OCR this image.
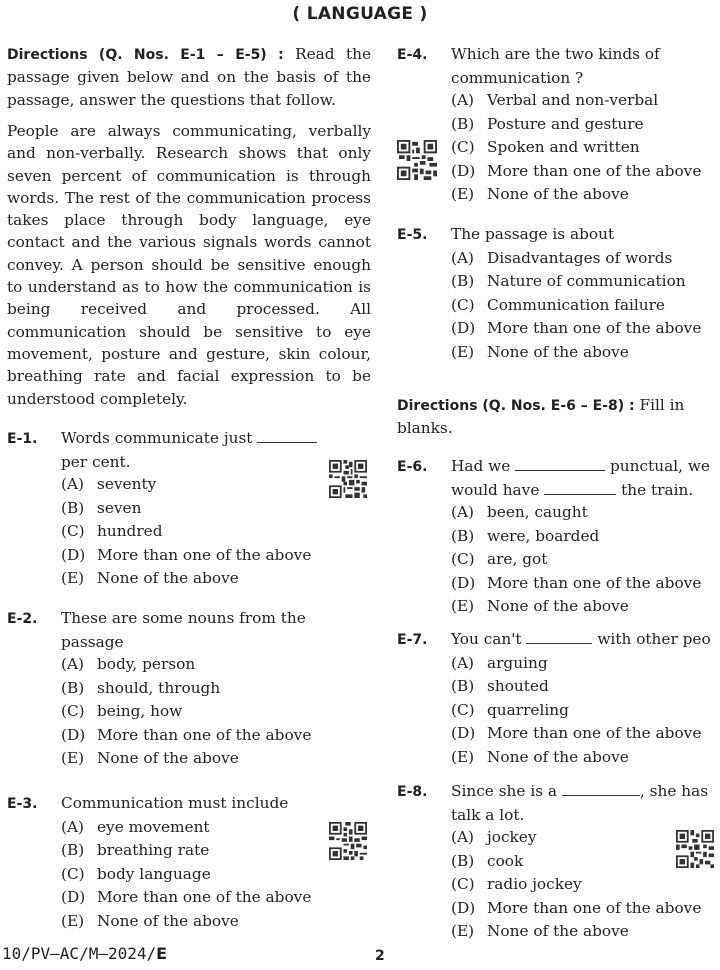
( LANGUAGE )
Directions (Q. Nos. E-1 – E-5) : Read the passage given below and on the basis of the passage, answer the questions that follow.
People are always communicating, verbally and non-verbally. Research shows that only seven percent of communication is through words. The rest of the communication process takes place through body language, eye contact and the various signals words cannot convey. A person should be sensitive enough to understand as to how the communication is being received and processed. All communication should be sensitive to eye movement, posture and gesture, skin colour, breathing rate and facial expression to be understood completely.
E-1. Words communicate just
per cent.
(A) seventy
(B) seven
(C) hundred
(D) More than one of the above
(E) None of the above
E-2. These are some nouns from the
passage
(A) body, person
(B) should, through
(C) being, how
(D) More than one of the above
(E) None of the above
E-3. Communication must include
(A) eye movement
(B) breathing rate
(C) body language
(D) More than one of the above
(E) None of the above
E-4. Which are the two kinds of
communication ?
(A) Verbal and non-verbal
(B) Posture and gesture
(C) Spoken and written
(D) More than one of the above
(E) None of the above
E-5. The passage is about
(A) Disadvantages of words
(B) Nature of communication
(C) Communication failure
(D) More than one of the above
(E) None of the above
Directions (Q. Nos. E-6 – E-8) : Fill in
blanks.
E-6. Had we	punctual, we
would have	the train.
(A) been, caught
(B) were, boarded
(C) are, got
(D) More than one of the above
(E) None of the above
E-7. You can't	with other peo
(A) arguing
(B) shouted
(C) quarreling
(D) More than one of the above
(E) None of the above
E-8. Since she is a	, she has
talk a lot.
(A) jockey
(B) cook
(C) radio jockey
(D) More than one of the above
(E) None of the above
10/PV–AC/M–2024/E	2
